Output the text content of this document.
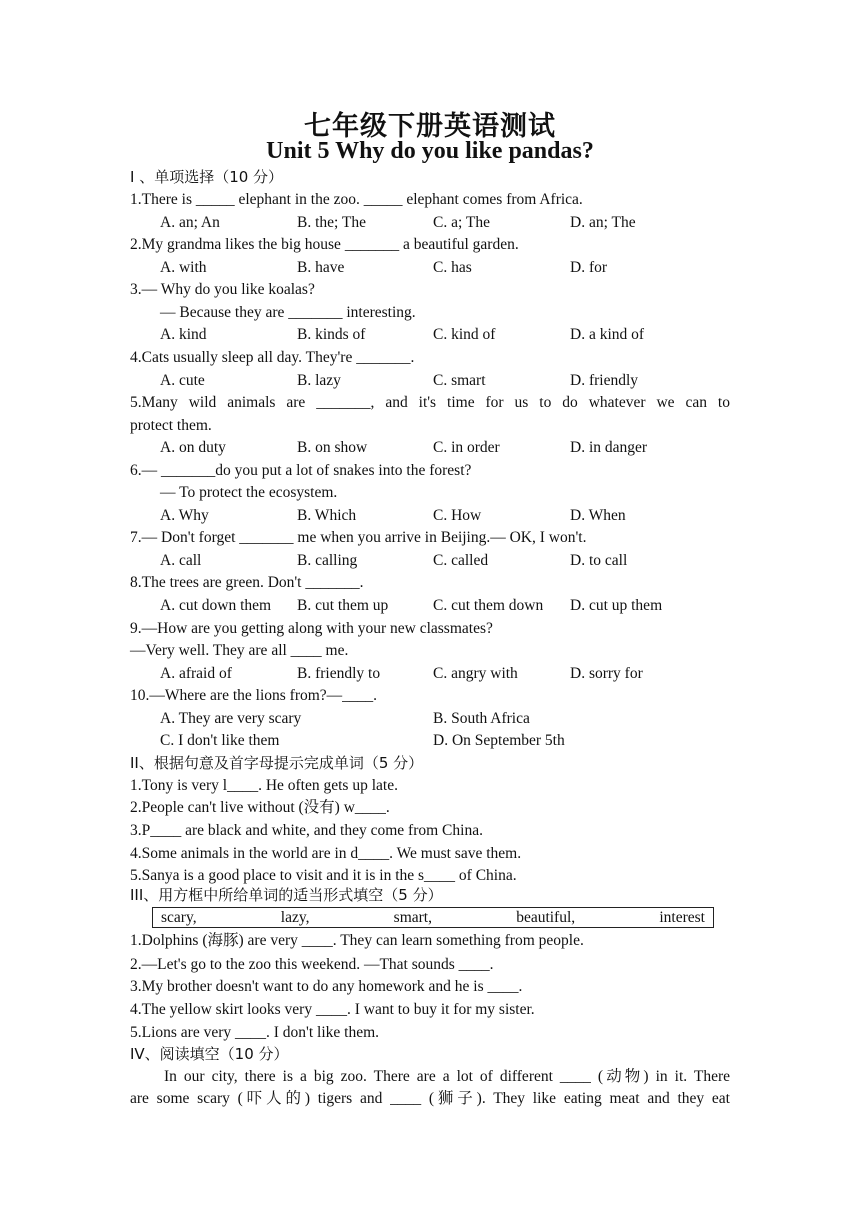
七年级下册英语测试
Unit 5 Why do you like pandas?
I 、单项选择（10 分）
1.There is _____ elephant in the zoo. _____ elephant comes from Africa.
A. an; An	B. the; The	C. a; The	D. an; The
2.My grandma likes the big house _______ a beautiful garden.
A. with	B. have	C. has	D. for
3.— Why do you like koalas?
— Because they are _______ interesting.
A. kind	B. kinds of	C. kind of	D. a kind of
4.Cats usually sleep all day. They're _______.
A. cute	B. lazy	C. smart	D. friendly
5.Many wild animals are _______, and it's time for us to do whatever we can to
protect them.
A. on duty	B. on show	C. in order	D. in danger
6.— _______do you put a lot of snakes into the forest?
— To protect the ecosystem.
A. Why	B. Which	C. How	D. When
7.— Don't forget _______ me when you arrive in Beijing.— OK, I won't.
A. call	B. calling	C. called	D. to call
8.The trees are green. Don't _______.
A. cut down them B. cut them up	C. cut them down D. cut up them
9.—How are you getting along with your new classmates?
—Very well. They are all ____ me.
A. afraid of	B. friendly to	C. angry with	D. sorry for
10.—Where are the lions from?—____.
A. They are very scary	B. South Africa
C. I don't like them	D. On September 5th
II、根据句意及首字母提示完成单词（5 分）
1.Tony is very l____. He often gets up late.
2.People can't live without (没有) w____.
3.P____ are black and white, and they come from China.
4.Some animals in the world are in d____. We must save them.
5.Sanya is a good place to visit and it is in the s____ of China.
III、用方框中所给单词的适当形式填空（5 分）
scary,	lazy,	smart,	beautiful,	interest
1.Dolphins (海豚) are very ____. They can learn something from people.
2.—Let's go to the zoo this weekend. —That sounds ____.
3.My brother doesn't want to do any homework and he is ____.
4.The yellow skirt looks very ____. I want to buy it for my sister.
5.Lions are very ____. I don't like them.
IV、阅读填空（10 分）
In our city, there is a big zoo. There are a lot of different ____ (动物) in it. There
are some scary (吓人的) tigers and ____ (狮子). They like eating meat and they eat
